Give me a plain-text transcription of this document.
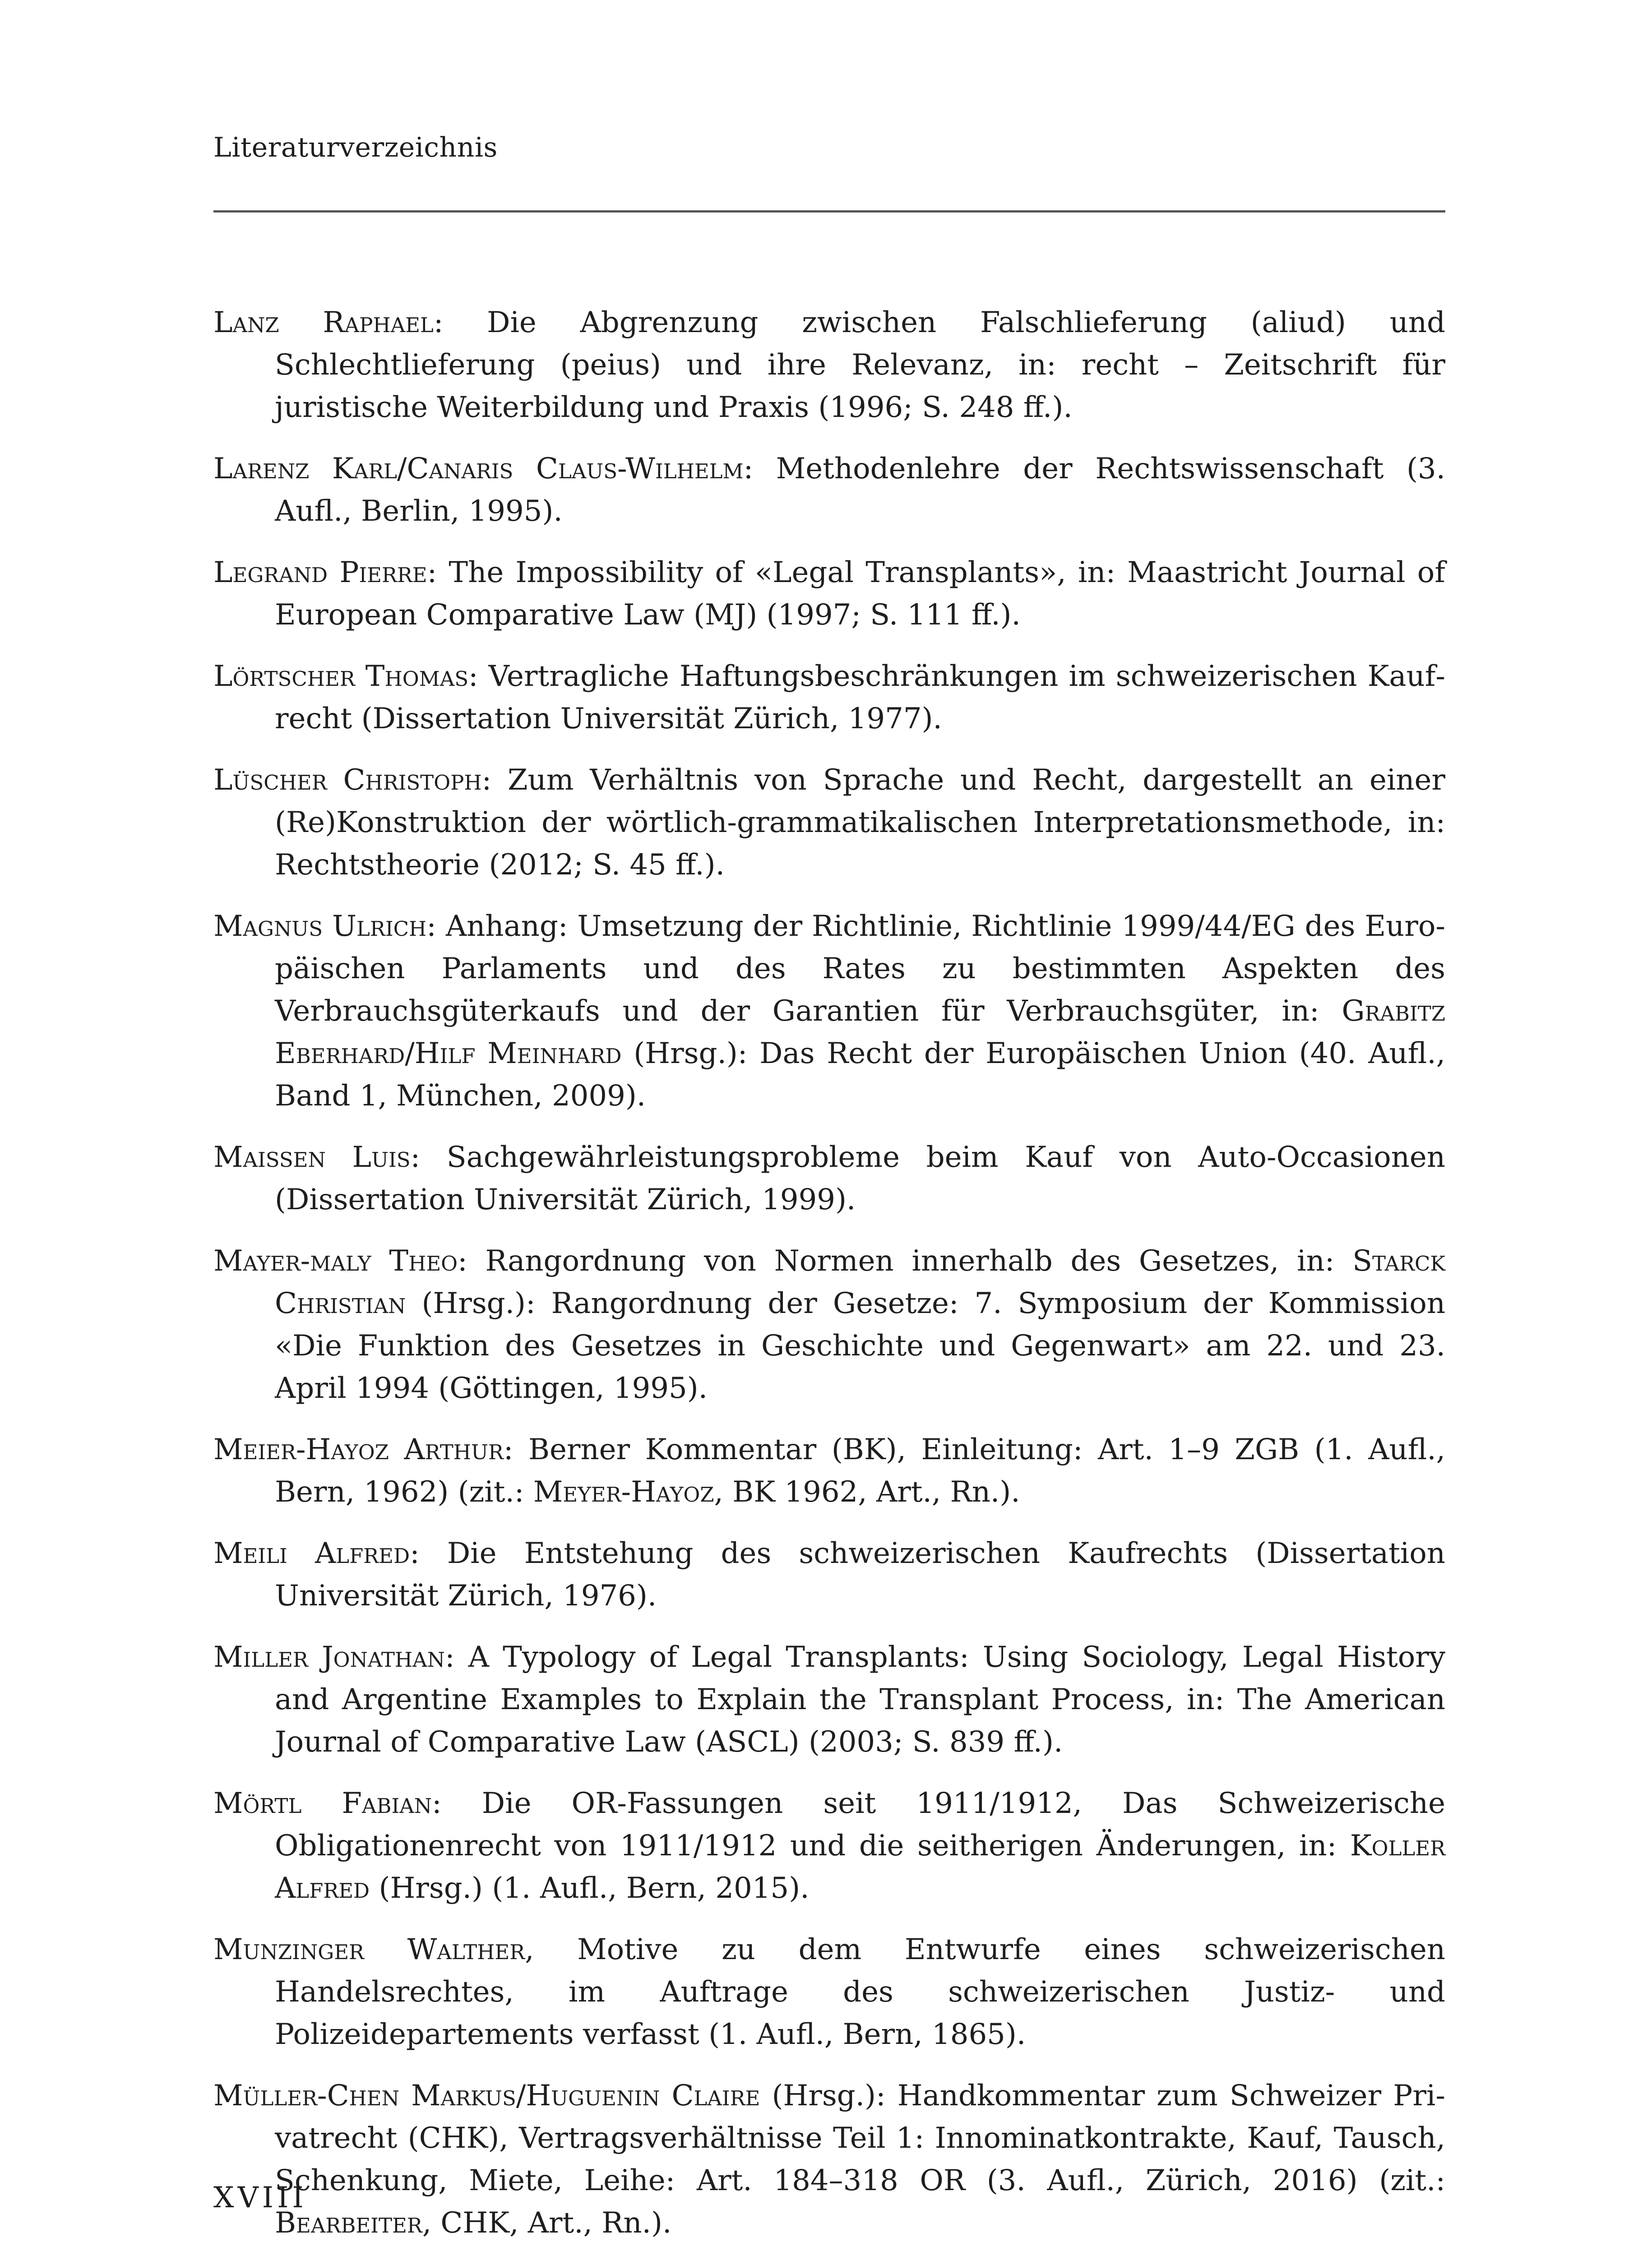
Literaturverzeichnis

Lanz Raphael: Die Abgrenzung zwischen Falschlieferung (aliud) und Schlechtlieferung (peius) und ihre Relevanz, in: recht – Zeitschrift für juristische Weiterbildung und Praxis (1996; S. 248 ff.).

Larenz Karl/Canaris Claus-Wilhelm: Methodenlehre der Rechtswissenschaft (3. Aufl., Berlin, 1995).

Legrand Pierre: The Impossibility of «Legal Transplants», in: Maastricht Journal of European Comparative Law (MJ) (1997; S. 111 ff.).

Lörtscher Thomas: Vertragliche Haftungsbeschränkungen im schweizerischen Kaufrecht (Dissertation Universität Zürich, 1977).

Lüscher Christoph: Zum Verhältnis von Sprache und Recht, dargestellt an einer (Re)Konstruktion der wörtlich-grammatikalischen Interpretationsmethode, in: Rechtstheorie (2012; S. 45 ff.).

Magnus Ulrich: Anhang: Umsetzung der Richtlinie, Richtlinie 1999/44/EG des Europäischen Parlaments und des Rates zu bestimmten Aspekten des Verbrauchsgüterkaufs und der Garantien für Verbrauchsgüter, in: Grabitz Eberhard/Hilf Meinhard (Hrsg.): Das Recht der Europäischen Union (40. Aufl., Band 1, München, 2009).

Maissen Luis: Sachgewährleistungsprobleme beim Kauf von Auto-Occasionen (Dissertation Universität Zürich, 1999).

Mayer-maly Theo: Rangordnung von Normen innerhalb des Gesetzes, in: Starck Christian (Hrsg.): Rangordnung der Gesetze: 7. Symposium der Kommission «Die Funktion des Gesetzes in Geschichte und Gegenwart» am 22. und 23. April 1994 (Göttingen, 1995).

Meier-Hayoz Arthur: Berner Kommentar (BK), Einleitung: Art. 1–9 ZGB (1. Aufl., Bern, 1962) (zit.: Meyer-Hayoz, BK 1962, Art., Rn.).

Meili Alfred: Die Entstehung des schweizerischen Kaufrechts (Dissertation Universität Zürich, 1976).

Miller Jonathan: A Typology of Legal Transplants: Using Sociology, Legal History and Argentine Examples to Explain the Transplant Process, in: The American Journal of Comparative Law (ASCL) (2003; S. 839 ff.).

Mörtl Fabian: Die OR-Fassungen seit 1911/1912, Das Schweizerische Obligationenrecht von 1911/1912 und die seitherigen Änderungen, in: Koller Alfred (Hrsg.) (1. Aufl., Bern, 2015).

Munzinger Walther, Motive zu dem Entwurfe eines schweizerischen Handelsrechtes, im Auftrage des schweizerischen Justiz- und Polizeidepartements verfasst (1. Aufl., Bern, 1865).

Müller-Chen Markus/Huguenin Claire (Hrsg.): Handkommentar zum Schweizer Privatrecht (CHK), Vertragsverhältnisse Teil 1: Innominatkontrakte, Kauf, Tausch, Schenkung, Miete, Leihe: Art. 184–318 OR (3. Aufl., Zürich, 2016) (zit.: Bearbeiter, CHK, Art., Rn.).

XVIII
